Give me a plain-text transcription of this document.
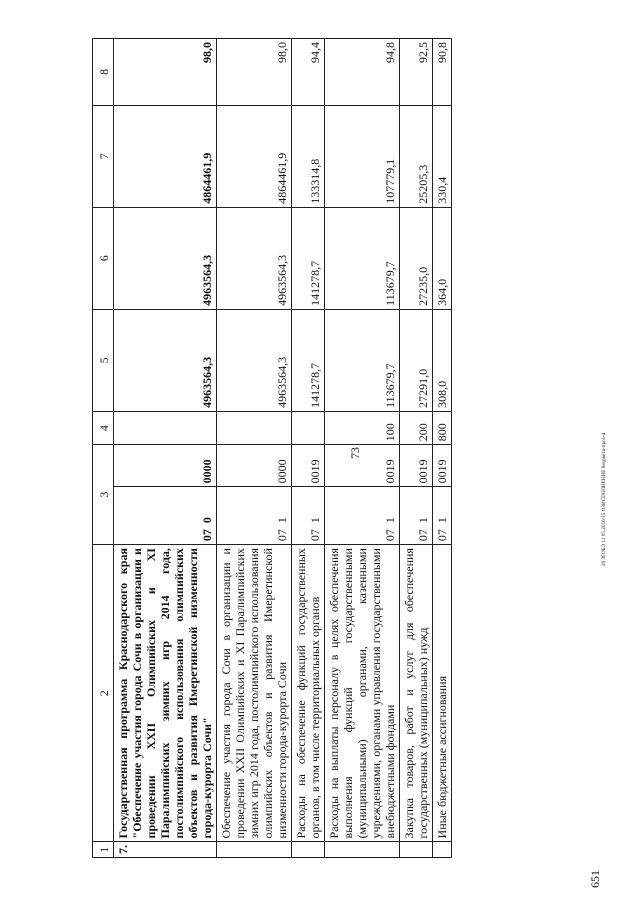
73
1	2	3		4	5	6	7	8
7.	Государственная программа Краснодарского края "Обеспечение участия города Сочи в организации и проведении XXII Олимпийских и XI Паралимпийских зимних игр 2014 года, постолимпийского использования олимпийских объектов и развития Имеретинской низменности города-курорта Сочи"	07  0	0000		4963564,3	4963564,3	4864461,9	98,0
	Обеспечение участия города Сочи в организации и проведении XXII Олимпийских и XI Паралимпийских зимних игр 2014 года, постолимпийского использования олимпийских объектов и развития Имеретинской низменности города-курорта Сочи	07  1	0000		4963564,3	4963564,3	4864461,9	98,0
	Расходы на обеспечение функций государственных органов, в том числе территориальных органов	07  1	0019		141278,7	141278,7	133314,8	94,4
	Расходы на выплаты персоналу в целях обеспечения выполнения функций государственными (муниципальными) органами, казенными учреждениями, органами управления государственными внебюджетными фондами	07  1	0019	100	113679,7	113679,7	107779,1	94,8
	Закупка товаров, работ и услуг для обеспечения государственных (муниципальных) нужд	07  1	0019	200	27291,0	27235,0	25205,3	92,5
	Иные бюджетные ассигнования	07  1	0019	800	308,0	364,0	330,4	90,8
29 ЗГОБЭ 11 05.2016/15 ОЗИСПОЛНЕНИЕ бюджета-проз-4
651
